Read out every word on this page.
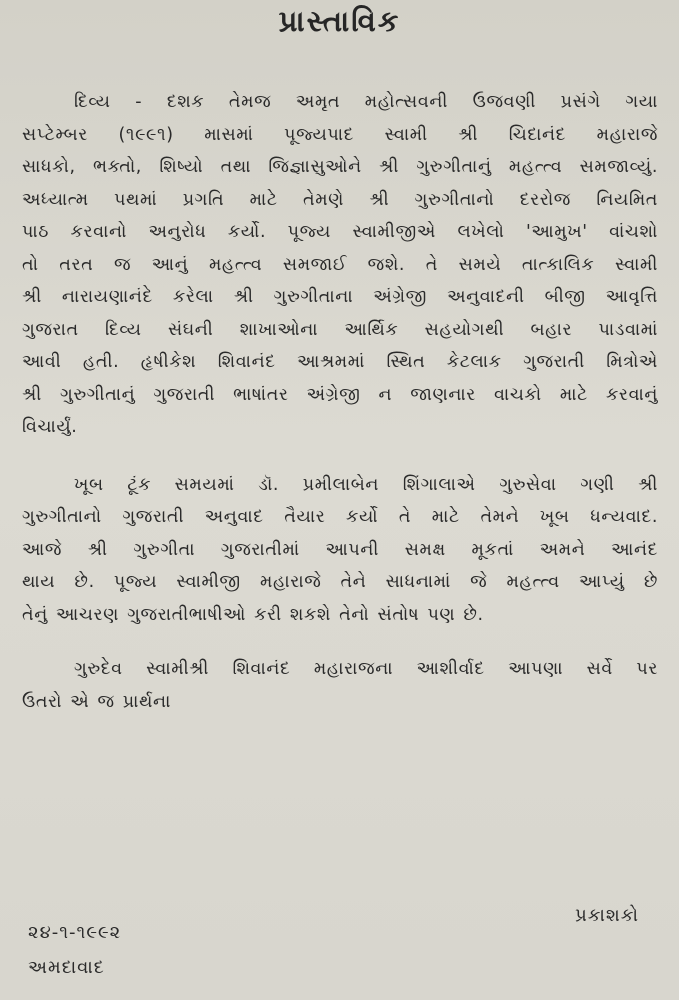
પ્રાસ્તાવિક

દિવ્ય - દશક તેમજ અમૃત મહોત્સવની ઉજવણી પ્રસંગે ગયા
સપ્ટેમ્બર (૧૯૯૧) માસમાં પૂજ્યપાદ સ્વામી શ્રી ચિદાનંદ મહારાજે
સાધકો, ભક્તો, શિષ્યો તથા જિજ્ઞાસુઓને શ્રી ગુરુગીતાનું મહત્ત્વ સમજાવ્યું.
અધ્યાત્મ પથમાં પ્રગતિ માટે તેમણે શ્રી ગુરુગીતાનો દરરોજ નિયમિત
પાઠ કરવાનો અનુરોધ કર્યો. પૂજ્ય સ્વામીજીએ લખેલો 'આમુખ' વાંચશો
તો તરત જ આનું મહત્ત્વ સમજાઈ જશે. તે સમયે તાત્કાલિક સ્વામી
શ્રી નારાયણાનંદે કરેલા શ્રી ગુરુગીતાના અંગ્રેજી અનુવાદની બીજી આવૃત્તિ
ગુજરાત દિવ્ય સંઘની શાખાઓના આર્થિક સહયોગથી બહાર પાડવામાં
આવી હતી. હૃષીકેશ શિવાનંદ આશ્રમમાં સ્થિત કેટલાક ગુજરાતી મિત્રોએ
શ્રી ગુરુગીતાનું ગુજરાતી ભાષાંતર અંગ્રેજી ન જાણનાર વાચકો માટે કરવાનું
વિચાર્યું.

ખૂબ ટૂંક સમયમાં ડૉ. પ્રમીલાબેન શિંગાલાએ ગુરુસેવા ગણી શ્રી
ગુરુગીતાનો ગુજરાતી અનુવાદ તૈયાર કર્યો તે માટે તેમને ખૂબ ધન્યવાદ.
આજે શ્રી ગુરુગીતા ગુજરાતીમાં આપની સમક્ષ મૂકતાં અમને આનંદ
થાય છે. પૂજ્ય સ્વામીજી મહારાજે તેને સાધનામાં જે મહત્ત્વ આપ્યું છે
તેનું આચરણ ગુજરાતીભાષીઓ કરી શકશે તેનો સંતોષ પણ છે.

ગુરુદેવ સ્વામીશ્રી શિવાનંદ મહારાજના આશીર્વાદ આપણા સર્વે પર
ઉતરો એ જ પ્રાર્થના

પ્રકાશકો
૨૪-૧-૧૯૯૨
અમદાવાદ
